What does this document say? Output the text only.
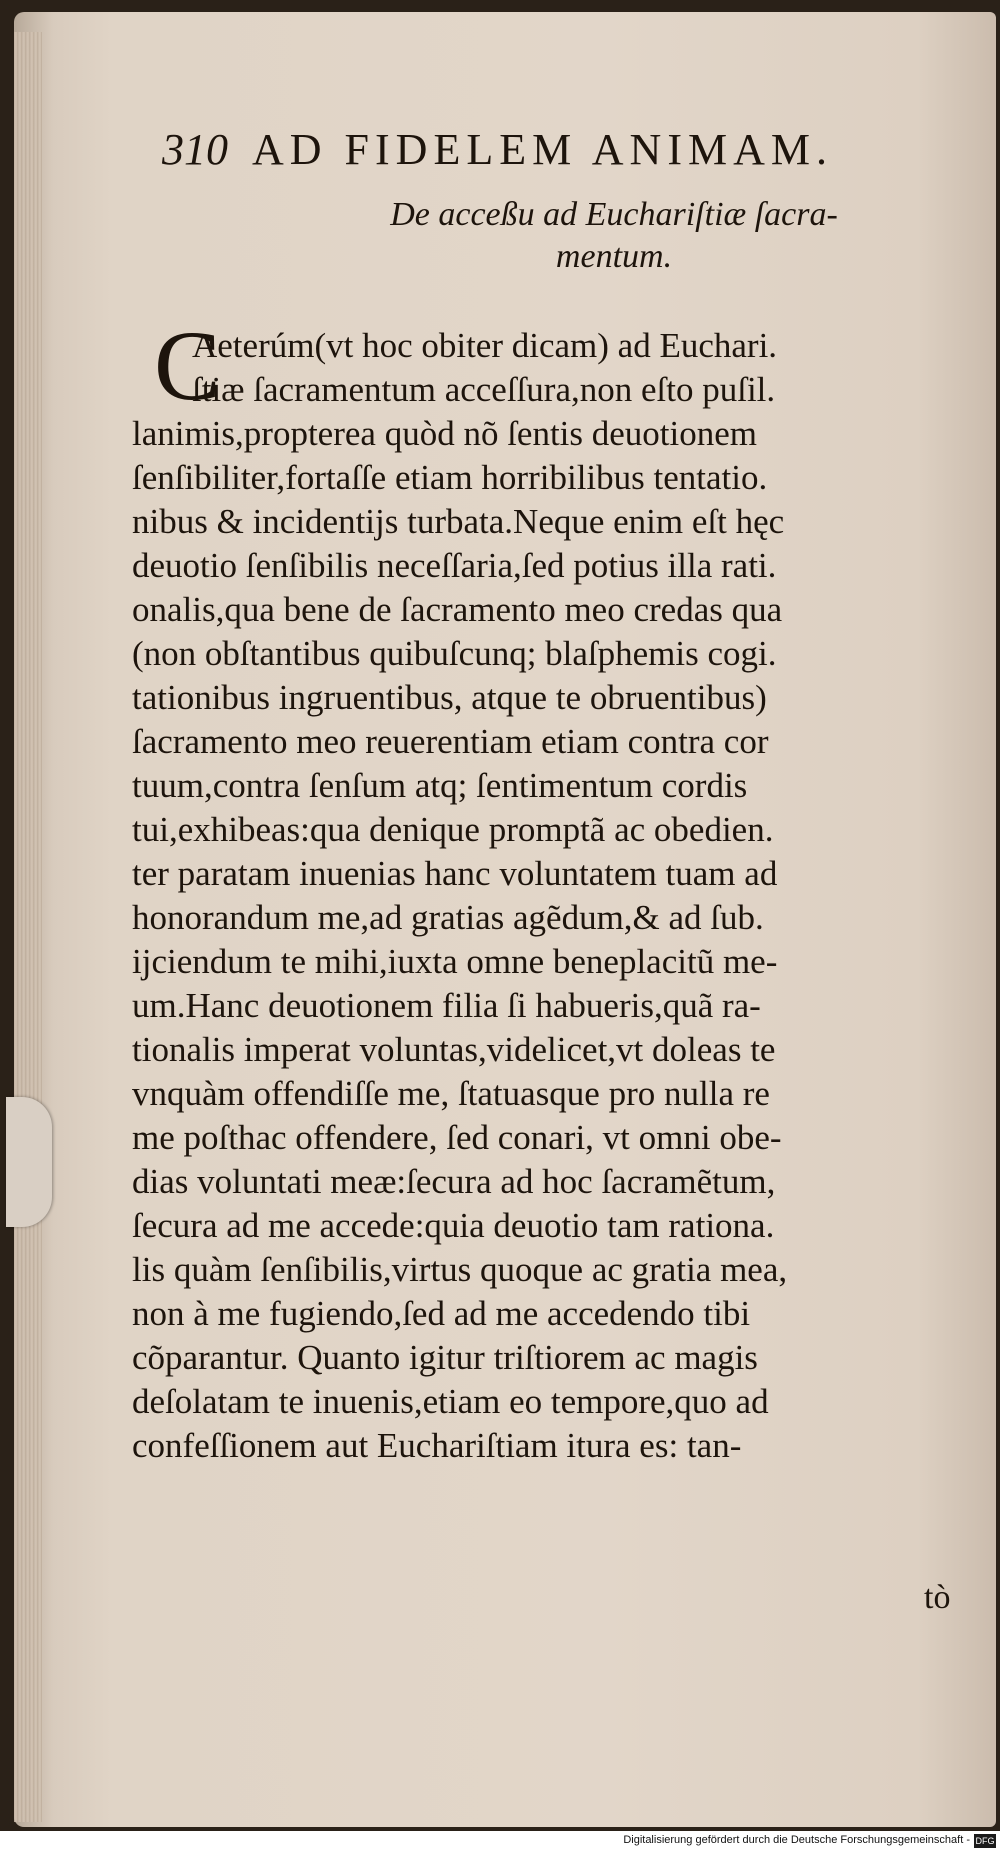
310 AD FIDELEM ANIMAM.
De acceßu ad Euchariſtiæ ſacra-
mentum.
C
Aeterúm(vt hoc obiter dicam) ad Euchari.
ſtiæ ſacramentum acceſſura,non eſto puſil.
lanimis,propterea quòd nõ ſentis deuotionem
ſenſibiliter,fortaſſe etiam horribilibus tentatio.
nibus & incidentijs turbata.Neque enim eſt hęc
deuotio ſenſibilis neceſſaria,ſed potius illa rati.
onalis,qua bene de ſacramento meo credas qua
(non obſtantibus quibuſcunq; blaſphemis cogi.
tationibus ingruentibus, atque te obruentibus)
ſacramento meo reuerentiam etiam contra cor
tuum,contra ſenſum atq; ſentimentum cordis
tui,exhibeas:qua denique promptã ac obedien.
ter paratam inuenias hanc voluntatem tuam ad
honorandum me,ad gratias agẽdum,& ad ſub.
ijciendum te mihi,iuxta omne beneplacitũ me-
um.Hanc deuotionem filia ſi habueris,quã ra-
tionalis imperat voluntas,videlicet,vt doleas te
vnquàm offendiſſe me, ſtatuasque pro nulla re
me poſthac offendere, ſed conari, vt omni obe-
dias voluntati meæ:ſecura ad hoc ſacramẽtum,
ſecura ad me accede:quia deuotio tam rationa.
lis quàm ſenſibilis,virtus quoque ac gratia mea,
non à me fugiendo,ſed ad me accedendo tibi
cõparantur. Quanto igitur triſtiorem ac magis
deſolatam te inuenis,etiam eo tempore,quo ad
confeſſionem aut Euchariſtiam itura es: tan-
tò
Digitalisierung gefördert durch die Deutsche Forschungsgemeinschaft - DFG
